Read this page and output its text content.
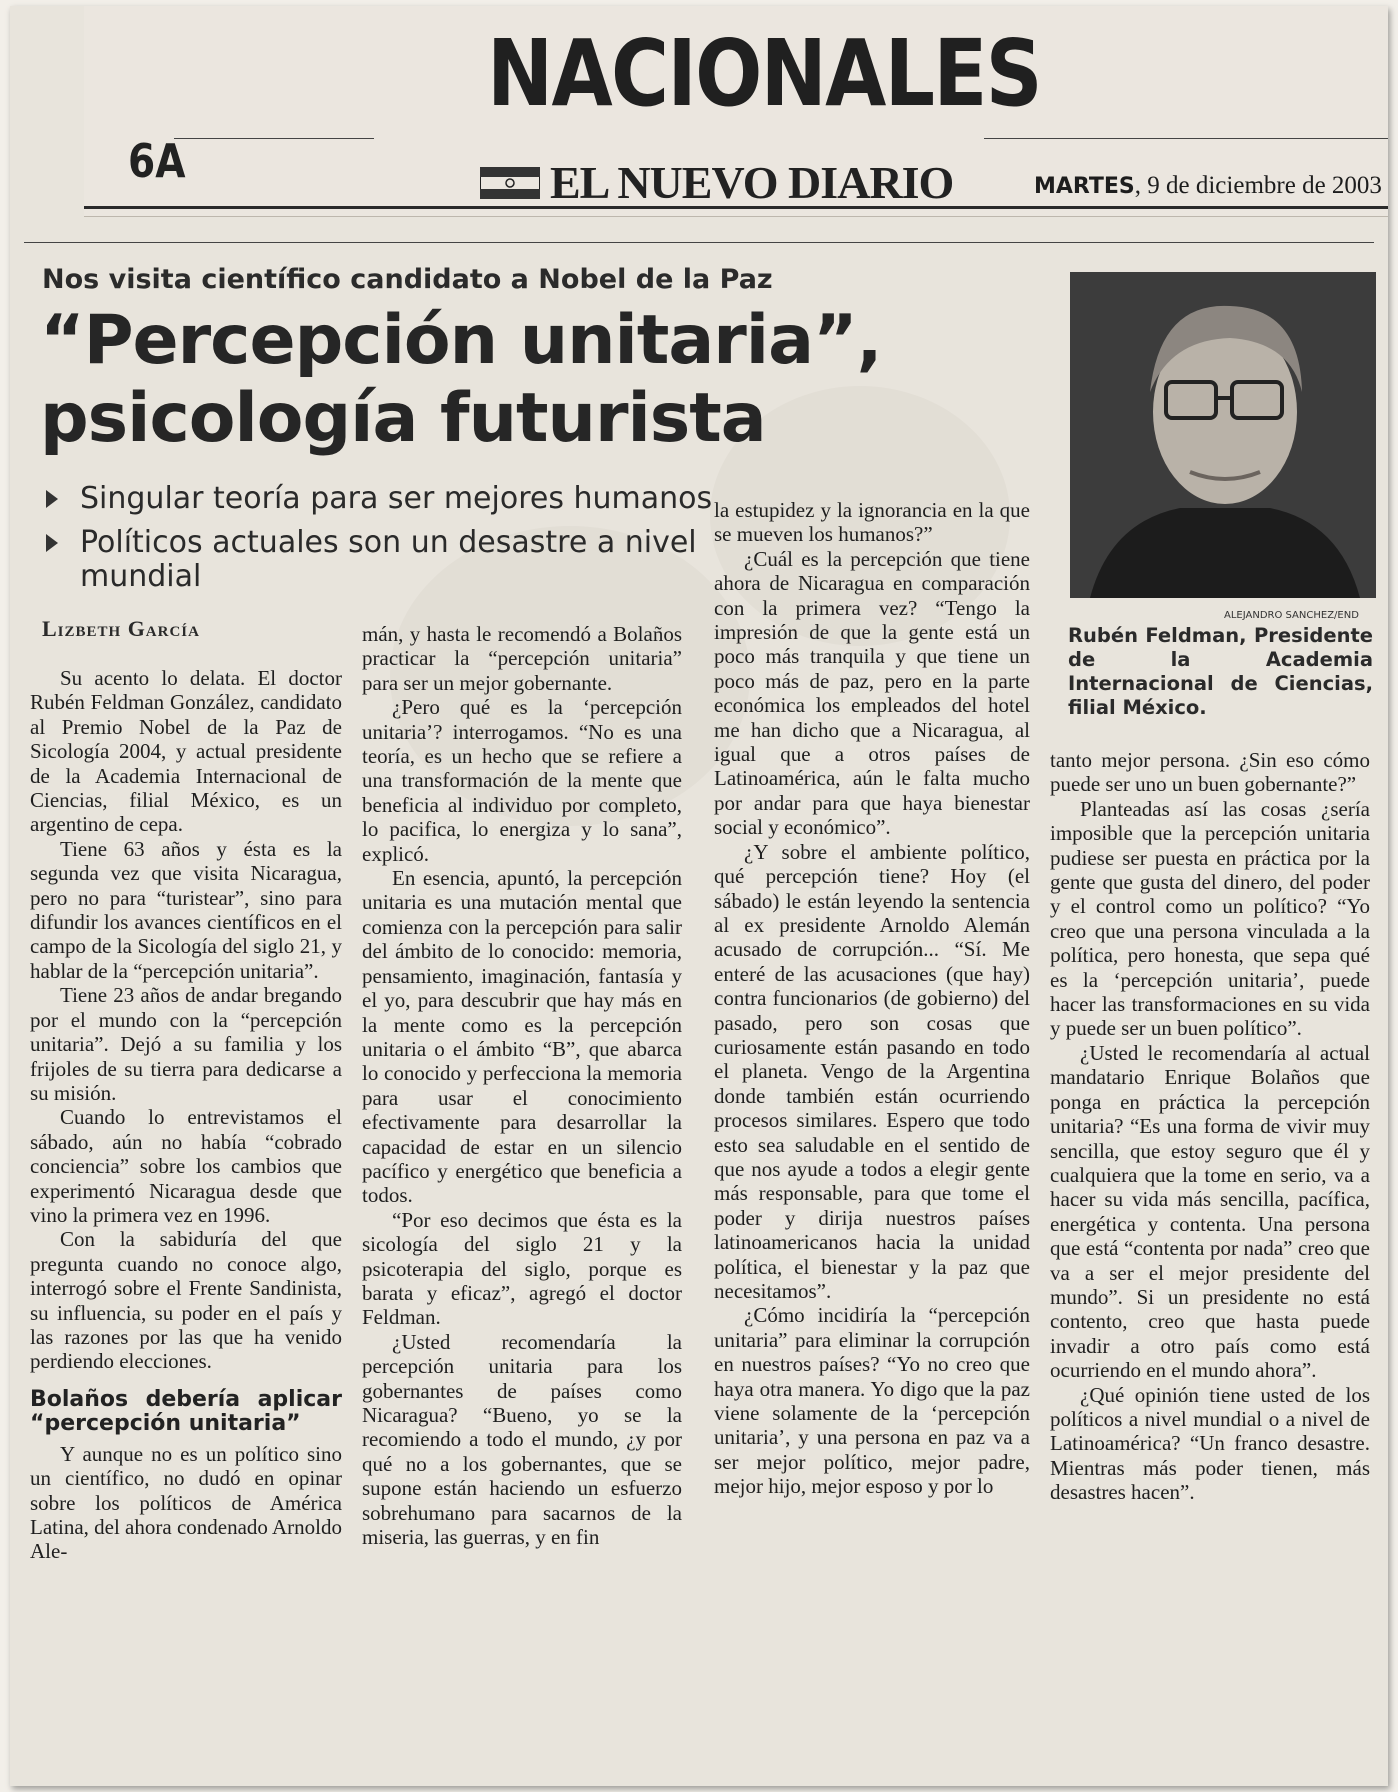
NACIONALES
6A	EL NUEVO DIARIO	MARTES, 9 de diciembre de 2003
Nos visita científico candidato a Nobel de la Paz
“Percepción unitaria”,
psicología futurista
Singular teoría para ser mejores humanos
Políticos actuales son un desastre a nivel mundial
Lizbeth García

Su acento lo delata. El doctor Rubén Feldman González, candidato al Premio Nobel de la Paz de Sicología 2004, y actual presidente de la Academia Internacional de Ciencias, filial México, es un argentino de cepa.

Tiene 63 años y ésta es la segunda vez que visita Nicaragua, pero no para “turistear”, sino para difundir los avances científicos en el campo de la Sicología del siglo 21, y hablar de la “percepción unitaria”.

Tiene 23 años de andar bregando por el mundo con la “percepción unitaria”. Dejó a su familia y los frijoles de su tierra para dedicarse a su misión.

Cuando lo entrevistamos el sábado, aún no había “cobrado conciencia” sobre los cambios que experimentó Nicaragua desde que vino la primera vez en 1996.

Con la sabiduría del que pregunta cuando no conoce algo, interrogó sobre el Frente Sandinista, su influencia, su poder en el país y las razones por las que ha venido perdiendo elecciones.

Bolaños debería aplicar “percepción unitaria”

Y aunque no es un político sino un científico, no dudó en opinar sobre los políticos de América Latina, del ahora condenado Arnoldo Ale-

mán, y hasta le recomendó a Bolaños practicar la “percepción unitaria” para ser un mejor gobernante.

¿Pero qué es la ‘percepción unitaria’? interrogamos. “No es una teoría, es un hecho que se refiere a una transformación de la mente que beneficia al individuo por completo, lo pacifica, lo energiza y lo sana”, explicó.

En esencia, apuntó, la percepción unitaria es una mutación mental que comienza con la percepción para salir del ámbito de lo conocido: memoria, pensamiento, imaginación, fantasía y el yo, para descubrir que hay más en la mente como es la percepción unitaria o el ámbito “B”, que abarca lo conocido y perfecciona la memoria para usar el conocimiento efectivamente para desarrollar la capacidad de estar en un silencio pacífico y energético que beneficia a todos.

“Por eso decimos que ésta es la sicología del siglo 21 y la psicoterapia del siglo, porque es barata y eficaz”, agregó el doctor Feldman.

¿Usted recomendaría la percepción unitaria para los gobernantes de países como Nicaragua? “Bueno, yo se la recomiendo a todo el mundo, ¿y por qué no a los gobernantes, que se supone están haciendo un esfuerzo sobrehumano para sacarnos de la miseria, las guerras, y en fin

la estupidez y la ignorancia en la que se mueven los humanos?”

¿Cuál es la percepción que tiene ahora de Nicaragua en comparación con la primera vez? “Tengo la impresión de que la gente está un poco más tranquila y que tiene un poco más de paz, pero en la parte económica los empleados del hotel me han dicho que a Nicaragua, al igual que a otros países de Latinoamérica, aún le falta mucho por andar para que haya bienestar social y económico”.

¿Y sobre el ambiente político, qué percepción tiene? Hoy (el sábado) le están leyendo la sentencia al ex presidente Arnoldo Alemán acusado de corrupción... “Sí. Me enteré de las acusaciones (que hay) contra funcionarios (de gobierno) del pasado, pero son cosas que curiosamente están pasando en todo el planeta. Vengo de la Argentina donde también están ocurriendo procesos similares. Espero que todo esto sea saludable en el sentido de que nos ayude a todos a elegir gente más responsable, para que tome el poder y dirija nuestros países latinoamericanos hacia la unidad política, el bienestar y la paz que necesitamos”.

¿Cómo incidiría la “percepción unitaria” para eliminar la corrupción en nuestros países? “Yo no creo que haya otra manera. Yo digo que la paz viene solamente de la ‘percepción unitaria’, y una persona en paz va a ser mejor político, mejor padre, mejor hijo, mejor esposo y por lo

ALEJANDRO SANCHEZ/END
Rubén Feldman, Presidente de la Academia Internacional de Ciencias, filial México.

tanto mejor persona. ¿Sin eso cómo puede ser uno un buen gobernante?”

Planteadas así las cosas ¿sería imposible que la percepción unitaria pudiese ser puesta en práctica por la gente que gusta del dinero, del poder y el control como un político? “Yo creo que una persona vinculada a la política, pero honesta, que sepa qué es la ‘percepción unitaria’, puede hacer las transformaciones en su vida y puede ser un buen político”.

¿Usted le recomendaría al actual mandatario Enrique Bolaños que ponga en práctica la percepción unitaria? “Es una forma de vivir muy sencilla, que estoy seguro que él y cualquiera que la tome en serio, va a hacer su vida más sencilla, pacífica, energética y contenta. Una persona que está “contenta por nada” creo que va a ser el mejor presidente del mundo”. Si un presidente no está contento, creo que hasta puede invadir a otro país como está ocurriendo en el mundo ahora”.

¿Qué opinión tiene usted de los políticos a nivel mundial o a nivel de Latinoamérica? “Un franco desastre. Mientras más poder tienen, más desastres hacen”.
